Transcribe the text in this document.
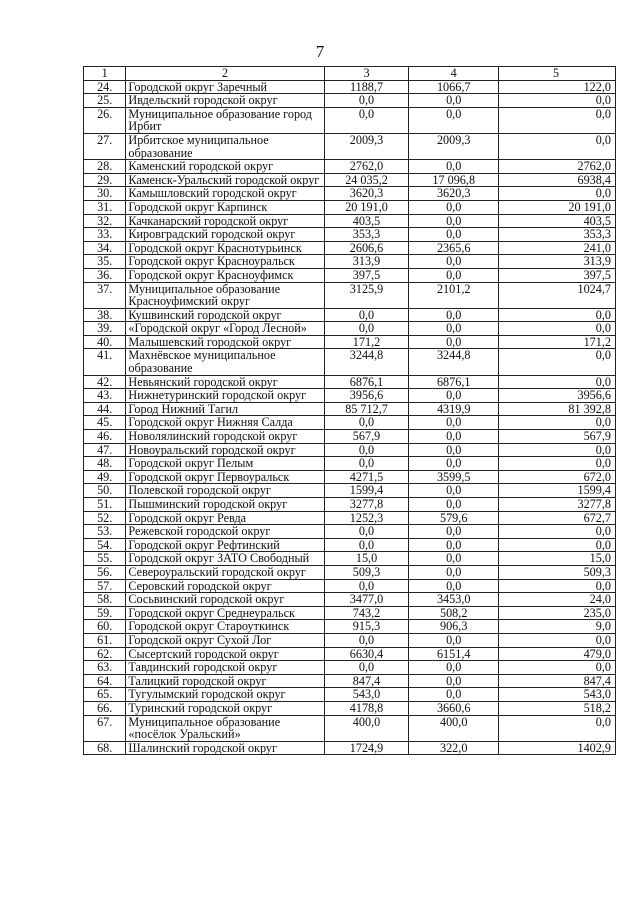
7
1	2	3	4	5
24.	Городской округ Заречный	1188,7	1066,7	122,0
25.	Ивдельский городской округ	0,0	0,0	0,0
26.	Муниципальное образование город Ирбит	0,0	0,0	0,0
27.	Ирбитское муниципальное образование	2009,3	2009,3	0,0
28.	Каменский городской округ	2762,0	0,0	2762,0
29.	Каменск-Уральский городской округ	24 035,2	17 096,8	6938,4
30.	Камышловский городской округ	3620,3	3620,3	0,0
31.	Городской округ Карпинск	20 191,0	0,0	20 191,0
32.	Качканарский городской округ	403,5	0,0	403,5
33.	Кировградский городской округ	353,3	0,0	353,3
34.	Городской округ Краснотурьинск	2606,6	2365,6	241,0
35.	Городской округ Красноуральск	313,9	0,0	313,9
36.	Городской округ Красноуфимск	397,5	0,0	397,5
37.	Муниципальное образование Красноуфимский округ	3125,9	2101,2	1024,7
38.	Кушвинский городской округ	0,0	0,0	0,0
39.	«Городской округ «Город Лесной»	0,0	0,0	0,0
40.	Малышевский городской округ	171,2	0,0	171,2
41.	Махнёвское муниципальное образование	3244,8	3244,8	0,0
42.	Невьянский городской округ	6876,1	6876,1	0,0
43.	Нижнетуринский городской округ	3956,6	0,0	3956,6
44.	Город Нижний Тагил	85 712,7	4319,9	81 392,8
45.	Городской округ Нижняя Салда	0,0	0,0	0,0
46.	Новолялинский городской округ	567,9	0,0	567,9
47.	Новоуральский городской округ	0,0	0,0	0,0
48.	Городской округ Пелым	0,0	0,0	0,0
49.	Городской округ Первоуральск	4271,5	3599,5	672,0
50.	Полевской городской округ	1599,4	0,0	1599,4
51.	Пышминский городской округ	3277,8	0,0	3277,8
52.	Городской округ Ревда	1252,3	579,6	672,7
53.	Режевской городской округ	0,0	0,0	0,0
54.	Городской округ Рефтинский	0,0	0,0	0,0
55.	Городской округ ЗАТО Свободный	15,0	0,0	15,0
56.	Североуральский городской округ	509,3	0,0	509,3
57.	Серовский городской округ	0,0	0,0	0,0
58.	Сосьвинский городской округ	3477,0	3453,0	24,0
59.	Городской округ Среднеуральск	743,2	508,2	235,0
60.	Городской округ Староуткинск	915,3	906,3	9,0
61.	Городской округ Сухой Лог	0,0	0,0	0,0
62.	Сысертский городской округ	6630,4	6151,4	479,0
63.	Тавдинский городской округ	0,0	0,0	0,0
64.	Талицкий городской округ	847,4	0,0	847,4
65.	Тугулымский городской округ	543,0	0,0	543,0
66.	Туринский городской округ	4178,8	3660,6	518,2
67.	Муниципальное образование «посёлок Уральский»	400,0	400,0	0,0
68.	Шалинский городской округ	1724,9	322,0	1402,9
